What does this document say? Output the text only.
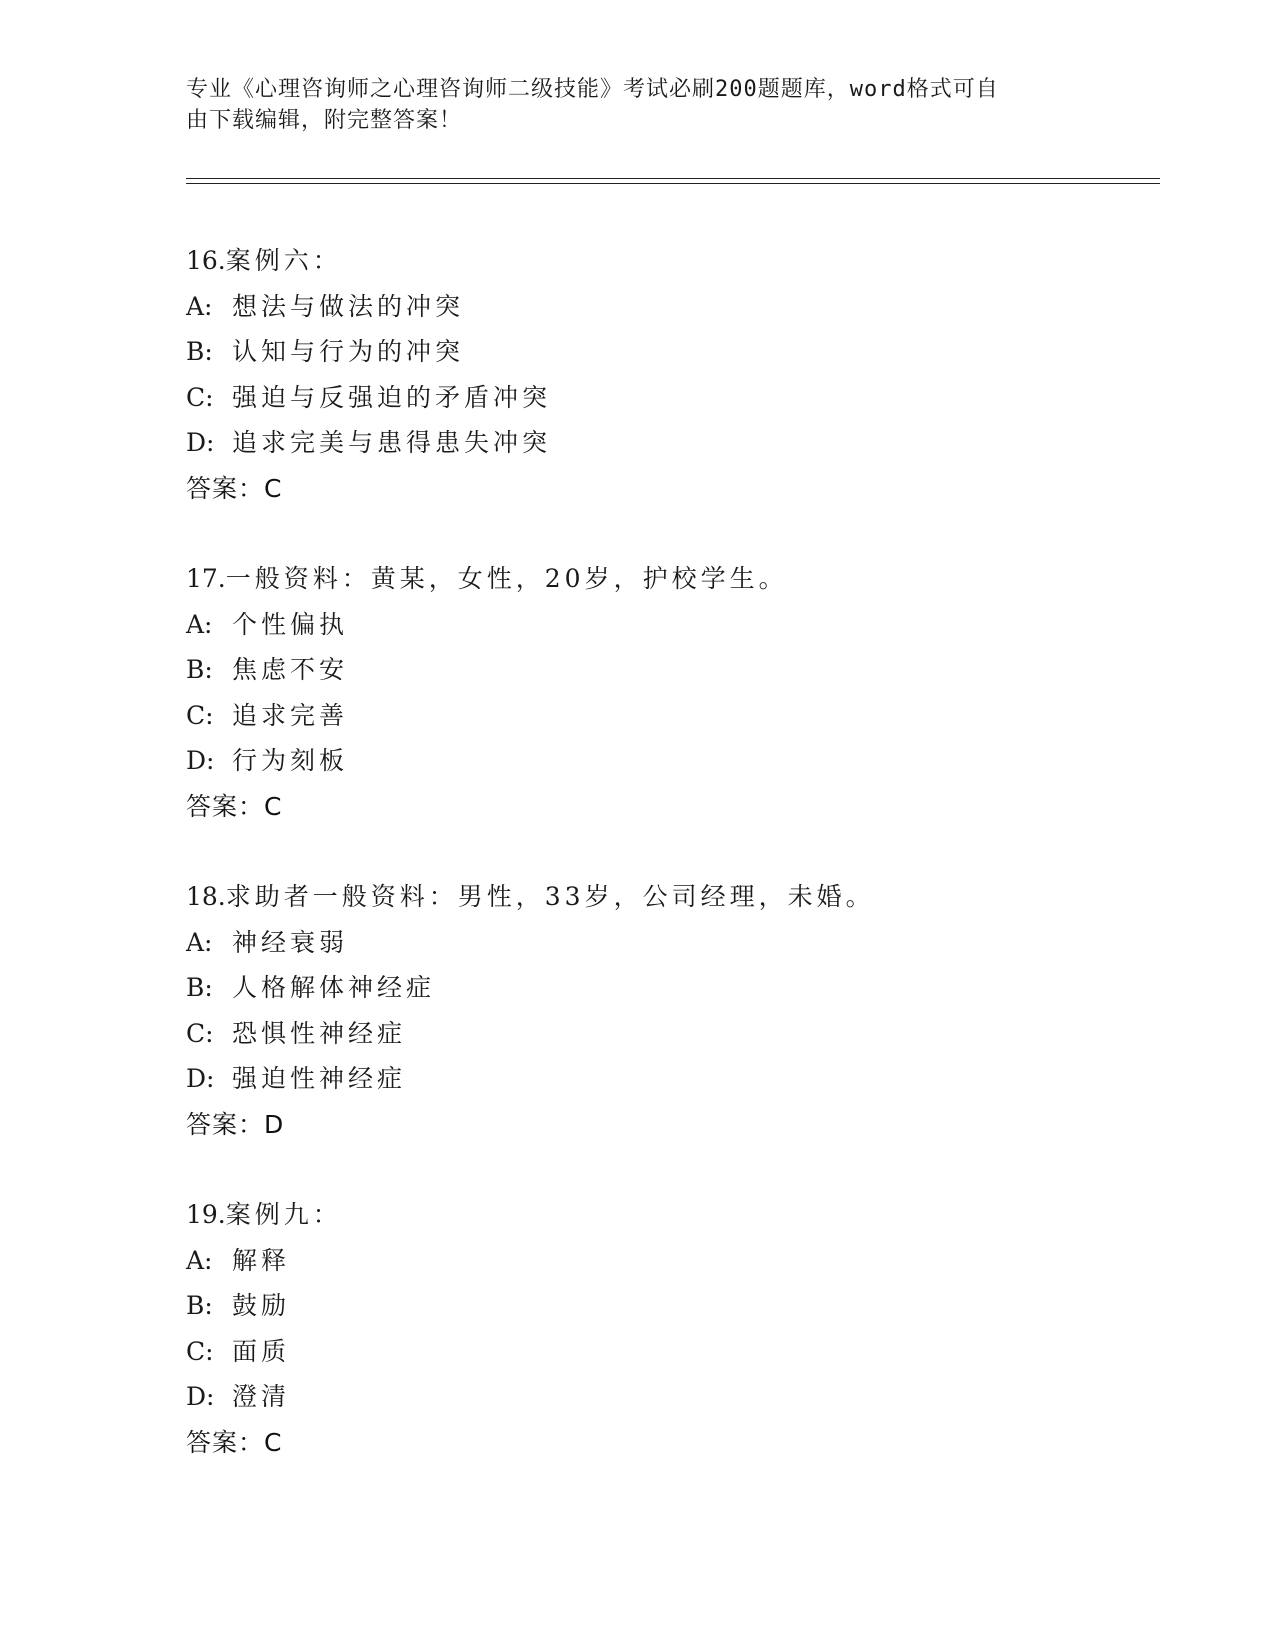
专业《心理咨询师之心理咨询师二级技能》考试必刷200题题库，word格式可自
由下载编辑，附完整答案！
16.案例六：
A: 想法与做法的冲突
B: 认知与行为的冲突
C: 强迫与反强迫的矛盾冲突
D: 追求完美与患得患失冲突
答案：C
17.一般资料：黄某，女性，20岁，护校学生。
A: 个性偏执
B: 焦虑不安
C: 追求完善
D: 行为刻板
答案：C
18.求助者一般资料：男性，33岁，公司经理，未婚。
A: 神经衰弱
B: 人格解体神经症
C: 恐惧性神经症
D: 强迫性神经症
答案：D
19.案例九：
A: 解释
B: 鼓励
C: 面质
D: 澄清
答案：C
